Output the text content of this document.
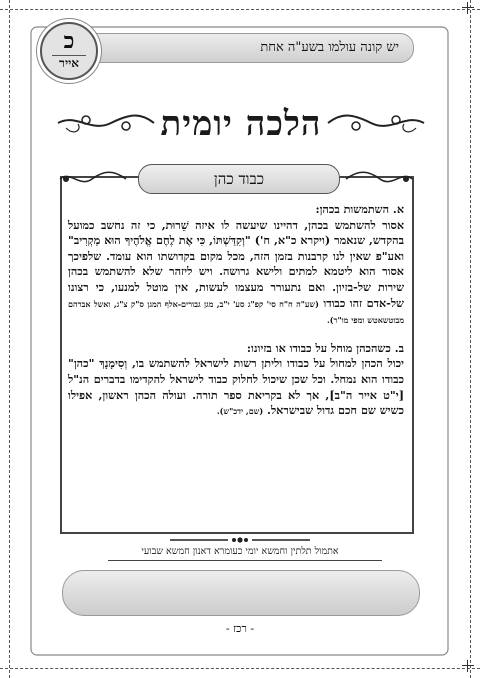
יש קונה עולמו בשע"ה אחת
כ
אייר
הלכה יומית
כבוד כהן
א. השתמשות בכהן:
אסור להשתמש בכהן, דהיינו שיעשה לו איזה שֵׁרוּת, כי זה נחשב כמועל בהקדש, שנאמר (ויקרא כ"א, ח') "וְקִדַּשְׁתּוֹ, כִּי אֶת לֶחֶם אֱלֹהֶיךָ הוּא מַקְרִיב" ואע"פ שאין לנו קרבנות בזמן הזה, מכל מקום בקדושתו הוא עומד. שלפיכך אסור הוא ליטמא למתים ולישא גרושה. ויש ליזהר שלא להשתמש בכהן שירות של-בזיון. ואם נתעורר מעצמו לעשות, אין מוטל למנעו, כי רצונו של-אדם זהו כבודו (שע"ה ח"ח סי' קפ"ג סע' י"ב, מגן גבורים-אלף המגן ס"ק צ"ג, ואשל אברהם מבוטשאטש ומפי מו"ר).
ב. כשהכהן מוחל על כבודו או בזיונו:
יכול הכהן למחול על כבודו וליתן רשות לישראל להשתמש בו, וְסִימָנָךְ "כהן" כבודו הוא נמחל. וכל שכן שיכול לחלוק כבוד לישראל להקדימו בדברים הנ"ל [י"ט אייר ה"ב], אך לא בקריאת ספר תורה. ועולה הכהן ראשון, אפילו כשיש שם חכם גדול שבישראל. (שם, ידכ"ש).
אתמול תלתין וחמשא יומי כעומרא דאנון חמשא שבועי
- רכז -
